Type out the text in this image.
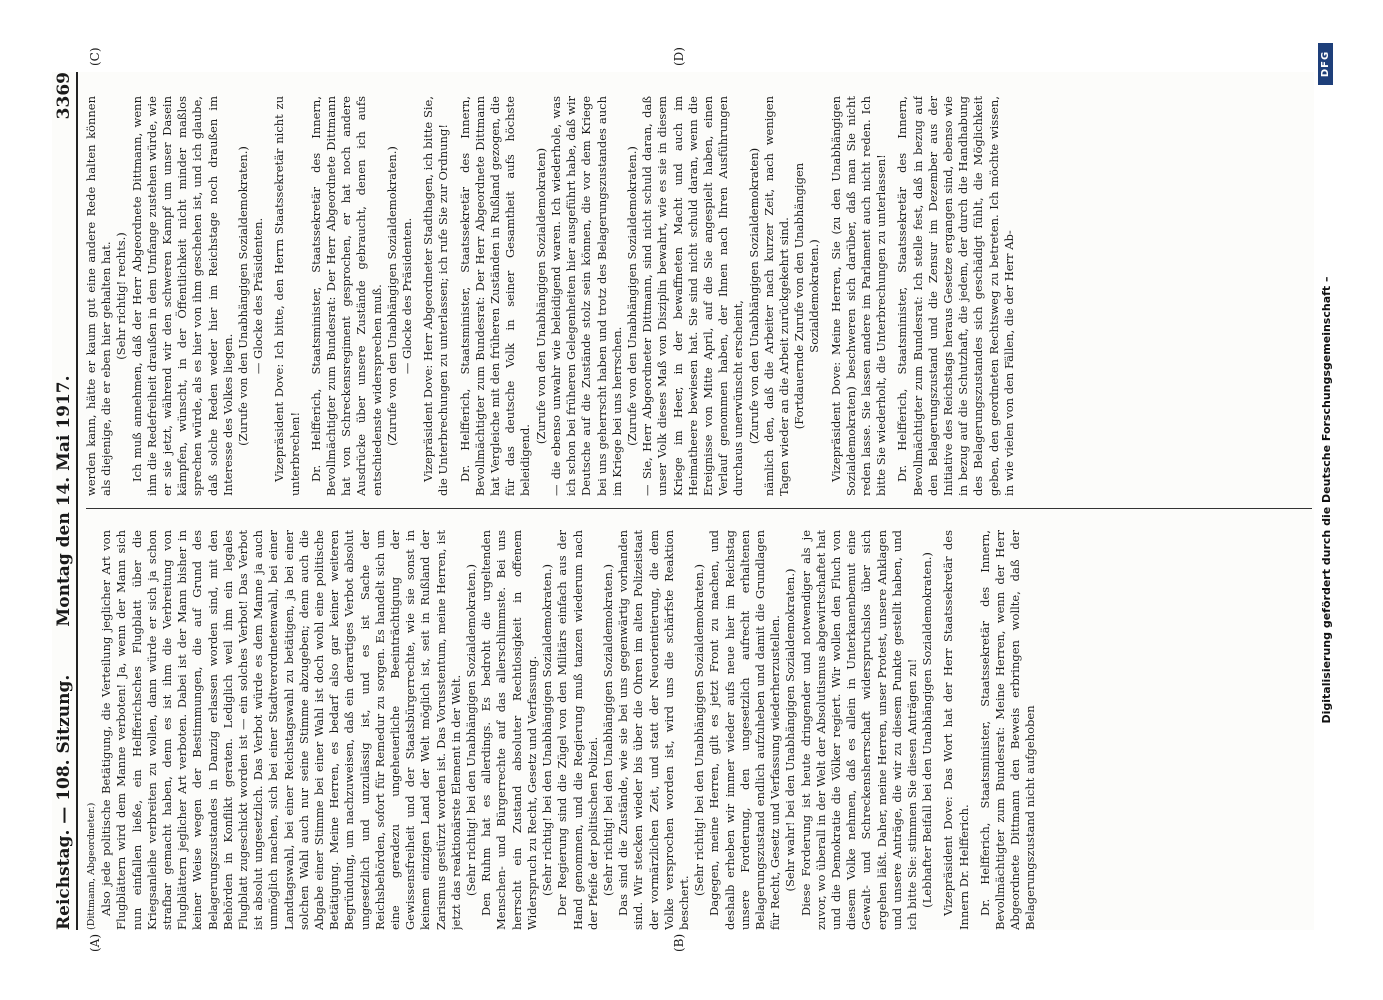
Reichstag. — 108. Sitzung.
Montag den 14. Mai 1917.
3369
(A)	(B)
(C)	(D)

(Dittmann, Abgeordneter.) Also jede politische Betätigung, die Verteilung jeglicher Art von Flugblättern wird dem Manne verboten! Ja, wenn der Mann sich nun einfallen ließe, ein Helfferichsches Flugblatt über die Kriegsanleihe verbreiten zu wollen, dann würde er sich ja schon strafbar gemacht haben, denn es ist ihm die Verbreitung von Flugblättern jeglicher Art verboten. Dabei ist der Mann bisher in keiner Weise wegen der Bestimmungen, die auf Grund des Belagerungszustandes in Danzig erlassen worden sind, mit den Behörden in Konflikt geraten. Lediglich weil ihm ein legales Flugblatt zugeschickt worden ist — ein solches Verbot! Das Verbot ist absolut ungesetzlich. Das Verbot würde es dem Manne ja auch unmöglich machen, sich bei einer Stadtverordnetenwahl, bei einer Landtagswahl, bei einer Reichstagswahl zu betätigen, ja bei einer solchen Wahl auch nur seine Stimme abzugeben; denn auch die Abgabe einer Stimme bei einer Wahl ist doch wohl eine politische Betätigung. Meine Herren, es bedarf also gar keiner weiteren Begründung, um nachzuweisen, daß ein derartiges Verbot absolut ungesetzlich und unzulässig ist, und es ist Sache der Reichsbehörden, sofort für Remedur zu sorgen. Es handelt sich um eine geradezu ungeheuerliche Beeinträchtigung der Gewissensfreiheit und der Staatsbürgerrechte, wie sie sonst in keinem einzigen Land der Welt möglich ist, seit in Rußland der Zarismus gestürzt worden ist. Das Vorusstentum, meine Herren, ist jetzt das reaktionärste Element in der Welt. (Sehr richtig! bei den Unabhängigen Sozialdemokraten.) Den Ruhm hat es allerdings. Es bedroht die urgeltenden Menschen- und Bürgerrechte auf das allerschlimmste. Bei uns herrscht ein Zustand absoluter Rechtlosigkeit in offenem Widerspruch zu Recht, Gesetz und Verfassung. (Sehr richtig! bei den Unabhängigen Sozialdemokraten.) Der Regierung sind die Zügel von den Militärs einfach aus der Hand genommen, und die Regierung muß tanzen wiederum nach der Pfeife der politischen Polizei. (Sehr richtig! bei den Unabhängigen Sozialdemokraten.) Das sind die Zustände, wie sie bei uns gegenwärtig vorhanden sind. Wir stecken wieder bis über die Ohren im alten Polizeistaat der vormärzlichen Zeit, und statt der Neuorientierung, die dem Volke versprochen worden ist, wird uns die schärfste Reaktion beschert.

(Sehr richtig! bei den Unabhängigen Sozialdemokraten.) Dagegen, meine Herren, gilt es jetzt Front zu machen, und deshalb erheben wir immer wieder aufs neue hier im Reichstag unsere Forderung, den ungesetzlich aufrecht erhaltenen Belagerungszustand endlich aufzuheben und damit die Grundlagen für Recht, Gesetz und Verfassung wiederherzustellen. (Sehr wahr! bei den Unabhängigen Sozialdemokraten.) Diese Forderung ist heute dringender und notwendiger als je zuvor, wo überall in der Welt der Absolutismus abgewirtschaftet hat und die Demokratie die Völker regiert. Wir wollen den Fluch von diesem Volke nehmen, daß es allein in Unterkanenbemut eine Gewalt- und Schreckensherrschaft widerspruchslos über sich ergehen läßt. Daher, meine Herren, unser Protest, unsere Anklagen und unsere Anträge, die wir zu diesem Punkte gestellt haben, und ich bitte Sie: stimmen Sie diesen Anträgen zu! (Lebhafter Beifall bei den Unabhängigen Sozialdemokraten.) Vizepräsident Dove: Das Wort hat der Herr Staatssekretär des Innern Dr. Helfferich. Dr. Helfferich, Staatsminister, Staatssekretär des Innern, Bevollmächtigter zum Bundesrat: Meine Herren, wenn der Herr Abgeordnete Dittmann den Beweis erbringen wollte, daß der Belagerungszustand nicht aufgehoben

werden kann, hätte er kaum gut eine andere Rede halten können als diejenige, die er eben hier gehalten hat. (Sehr richtig! rechts.) Ich muß annehmen, daß der Herr Abgeordnete Dittmann, wenn ihm die Redefreiheit draußen in dem Umfange zustehen würde, wie er sie jetzt, während wir den schweren Kampf um unser Dasein kämpfen, wünscht, in der Öffentlichkeit nicht minder maßlos sprechen würde, als es hier von ihm geschehen ist, und ich glaube, daß solche Reden weder hier im Reichstage noch draußen im Interesse des Volkes liegen. (Zurufe von den Unabhängigen Sozialdemokraten.) — Glocke des Präsidenten. Vizepräsident Dove: Ich bitte, den Herrn Staatssekretär nicht zu unterbrechen! Dr. Helfferich, Staatsminister, Staatssekretär des Innern, Bevollmächtigter zum Bundesrat: Der Herr Abgeordnete Dittmann hat von Schreckensregiment gesprochen, er hat noch andere Ausdrücke über unsere Zustände gebraucht, denen ich aufs entschiedenste widersprechen muß. (Zurufe von den Unabhängigen Sozialdemokraten.) — Glocke des Präsidenten. Vizepräsident Dove: Herr Abgeordneter Stadthagen, ich bitte Sie, die Unterbrechungen zu unterlassen; ich rufe Sie zur Ordnung! Dr. Helfferich, Staatsminister, Staatssekretär des Innern, Bevollmächtigter zum Bundesrat: Der Herr Abgeordnete Dittmann hat Vergleiche mit den früheren Zuständen in Rußland gezogen, die für das deutsche Volk in seiner Gesamtheit aufs höchste beleidigend.

(Zurufe von den Unabhängigen Sozialdemokraten) — die ebenso unwahr wie beleidigend waren. Ich wiederhole, was ich schon bei früheren Gelegenheiten hier ausgeführt habe, daß wir Deutsche auf die Zustände stolz sein können, die vor dem Kriege bei uns geherrscht haben und trotz des Belagerungszustandes auch im Kriege bei uns herrschen. (Zurufe von den Unabhängigen Sozialdemokraten.) — Sie, Herr Abgeordneter Dittmann, sind nicht schuld daran, daß unser Volk dieses Maß von Disziplin bewahrt, wie es sie in diesem Kriege im Heer, in der bewaffneten Macht und auch im Heimatheere bewiesen hat. Sie sind nicht schuld daran, wenn die Ereignisse von Mitte April, auf die Sie angespielt haben, einen Verlauf genommen haben, der Ihnen nach Ihren Ausführungen durchaus unerwünscht erscheint, (Zurufe von den Unabhängigen Sozialdemokraten) nämlich den, daß die Arbeiter nach kurzer Zeit, nach wenigen Tagen wieder an die Arbeit zurückgekehrt sind. (Fortdauernde Zurufe von den Unabhängigen Sozialdemokraten.) Vizepräsident Dove: Meine Herren, Sie (zu den Unabhängigen Sozialdemokraten) beschweren sich darüber, daß man Sie nicht reden lasse. Sie lassen andere im Parlament auch nicht reden. Ich bitte Sie wiederholt, die Unterbrechungen zu unterlassen! Dr. Helfferich, Staatsminister, Staatssekretär des Innern, Bevollmächtigter zum Bundesrat: Ich stelle fest, daß in bezug auf den Belagerungszustand und die Zensur im Dezember aus der Initiative des Reichstags heraus Gesetze ergangen sind, ebenso wie in bezug auf die Schutzhaft, die jedem, der durch die Handhabung des Belagerungszustandes sich geschädigt fühlt, die Möglichkeit geben, den geordneten Rechtsweg zu betreten. Ich möchte wissen, in wie vielen von den Fällen, die der Herr Ab-	Digitalisierung gefördert durch die Deutsche Forschungsgemeinschaft –
DFG
